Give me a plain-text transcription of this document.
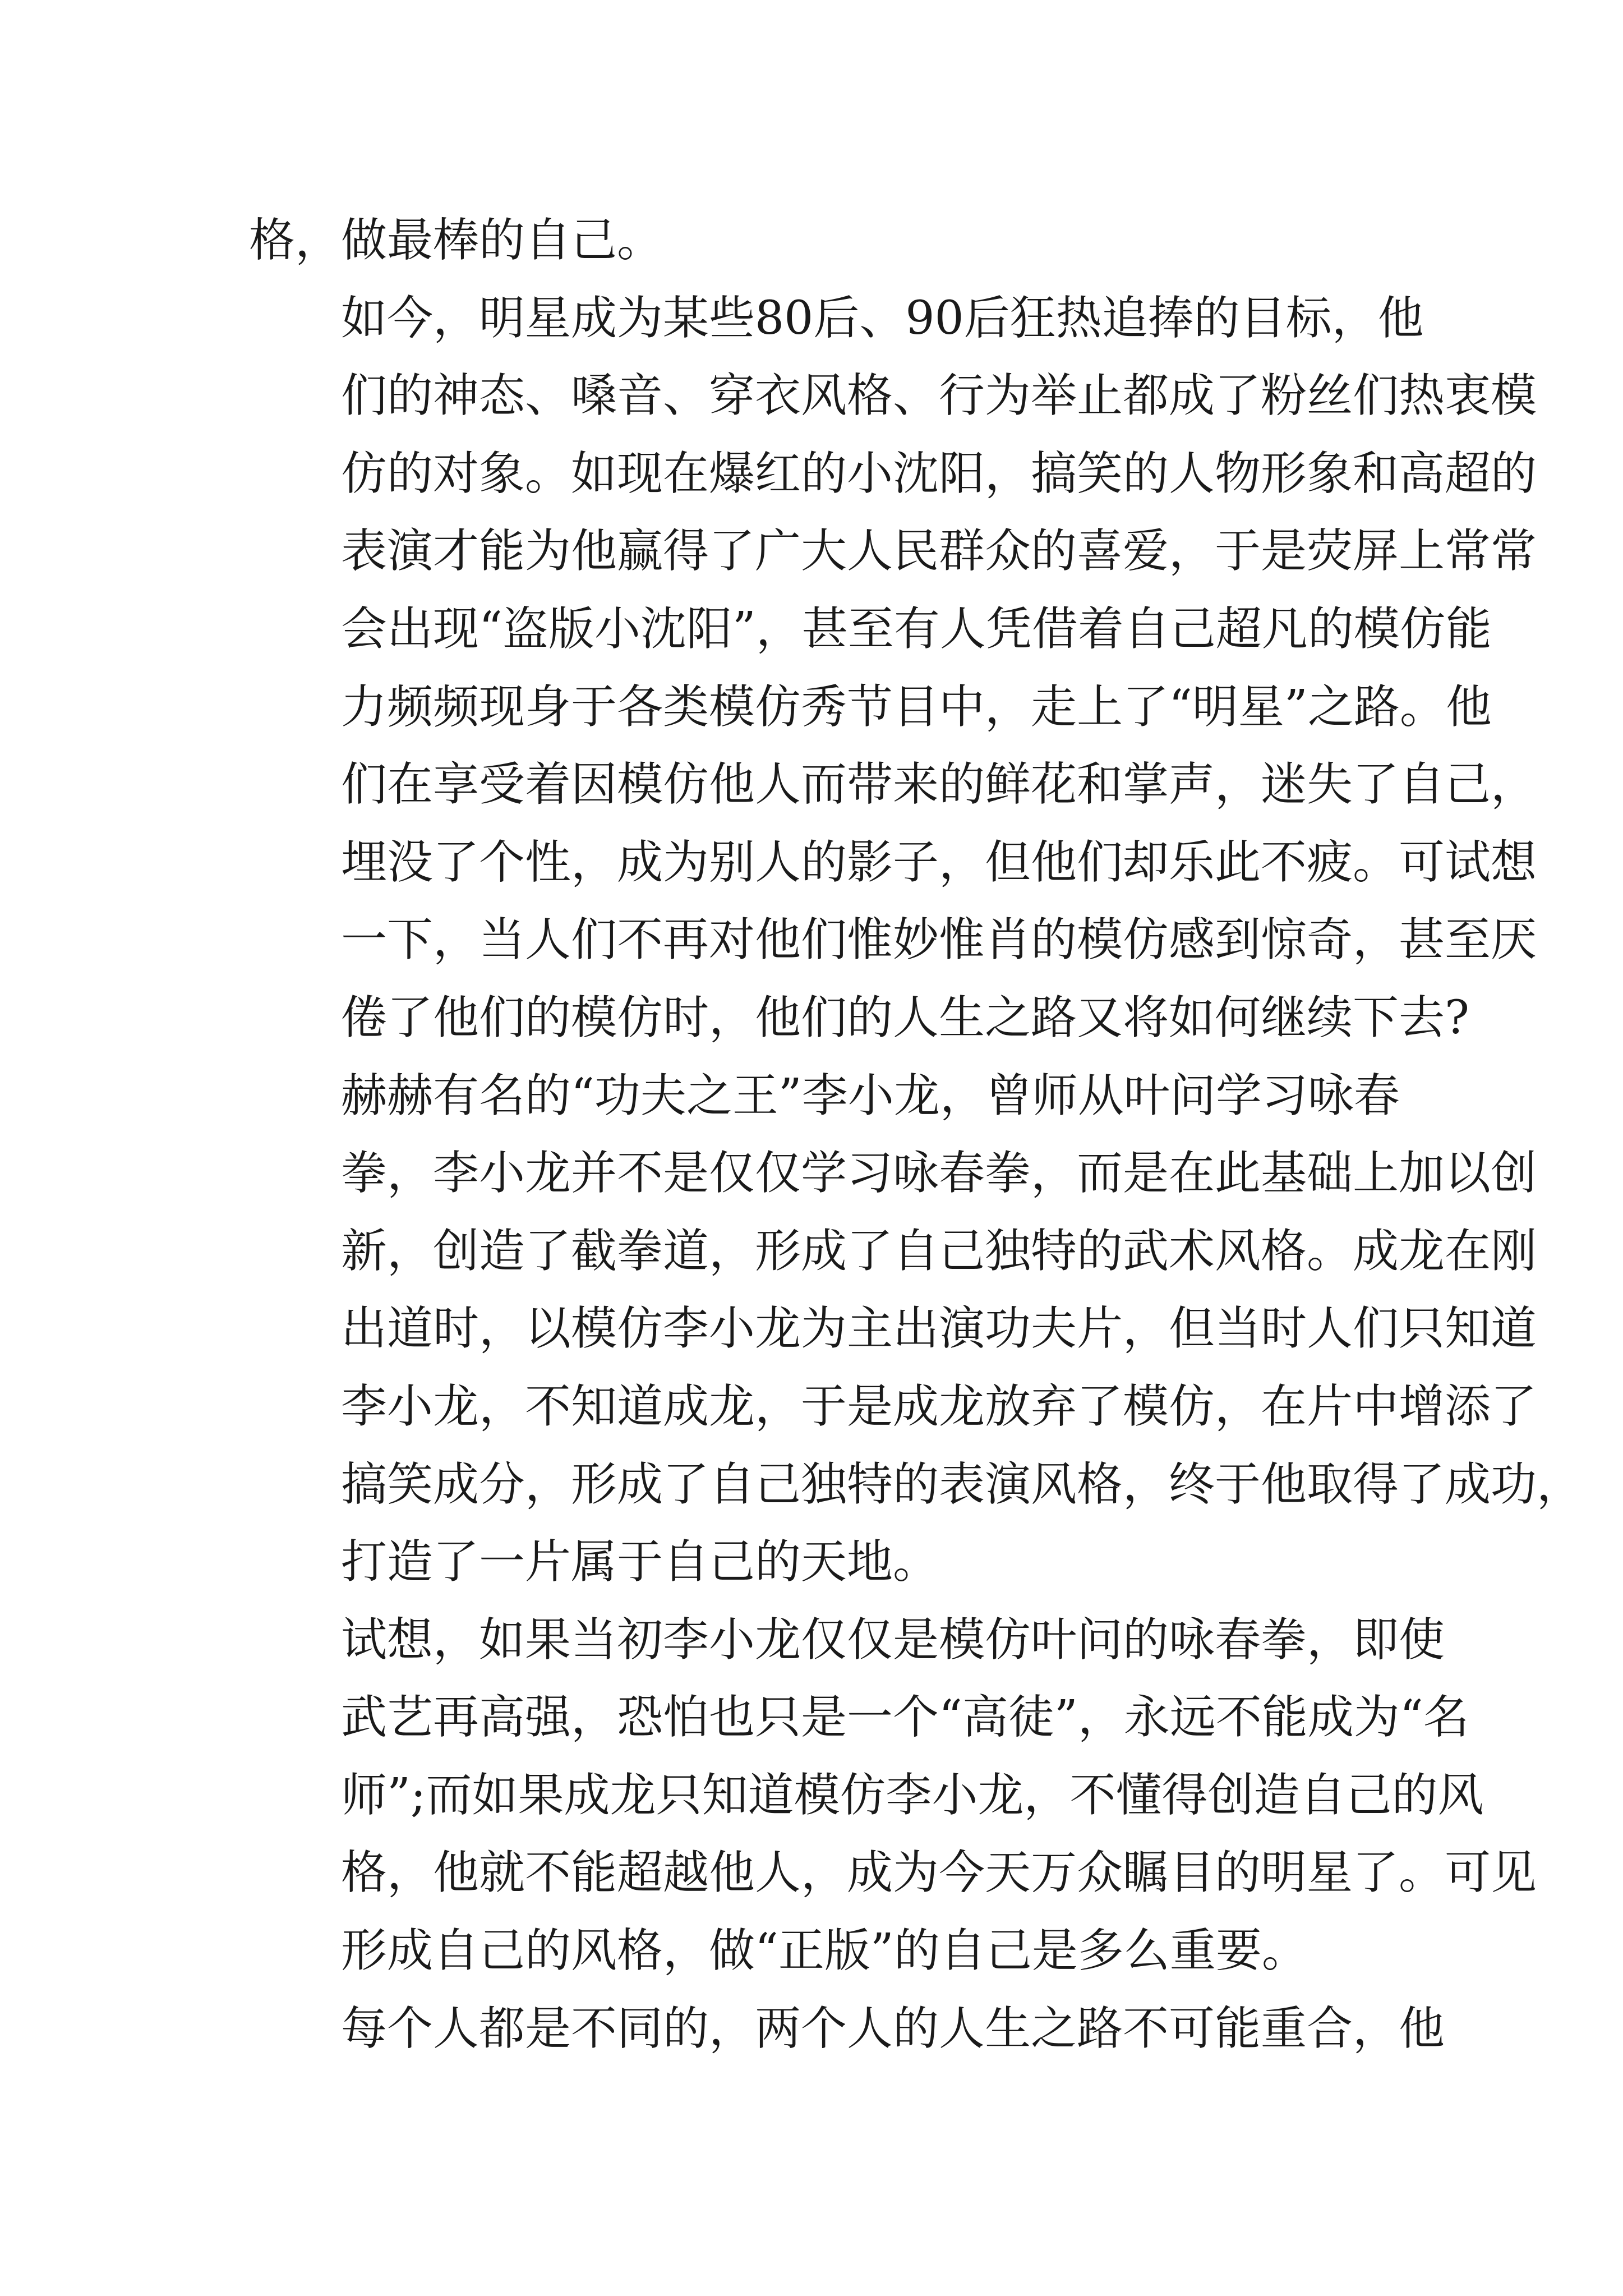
格，做最棒的自己。

如今，明星成为某些80后、90后狂热追捧的目标，他
们的神态、嗓音、穿衣风格、行为举止都成了粉丝们热衷模
仿的对象。如现在爆红的小沈阳，搞笑的人物形象和高超的
表演才能为他赢得了广大人民群众的喜爱，于是荧屏上常常
会出现“盗版小沈阳”，甚至有人凭借着自己超凡的模仿能
力频频现身于各类模仿秀节目中，走上了“明星”之路。他
们在享受着因模仿他人而带来的鲜花和掌声，迷失了自己，
埋没了个性，成为别人的影子，但他们却乐此不疲。可试想
一下，当人们不再对他们惟妙惟肖的模仿感到惊奇，甚至厌
倦了他们的模仿时，他们的人生之路又将如何继续下去?

赫赫有名的“功夫之王”李小龙，曾师从叶问学习咏春
拳，李小龙并不是仅仅学习咏春拳，而是在此基础上加以创
新，创造了截拳道，形成了自己独特的武术风格。成龙在刚
出道时，以模仿李小龙为主出演功夫片，但当时人们只知道
李小龙，不知道成龙，于是成龙放弃了模仿，在片中增添了
搞笑成分，形成了自己独特的表演风格，终于他取得了成功，
打造了一片属于自己的天地。

试想，如果当初李小龙仅仅是模仿叶问的咏春拳，即使
武艺再高强，恐怕也只是一个“高徒”，永远不能成为“名
师”;而如果成龙只知道模仿李小龙，不懂得创造自己的风
格，他就不能超越他人，成为今天万众瞩目的明星了。可见
形成自己的风格，做“正版”的自己是多么重要。

每个人都是不同的，两个人的人生之路不可能重合，他
